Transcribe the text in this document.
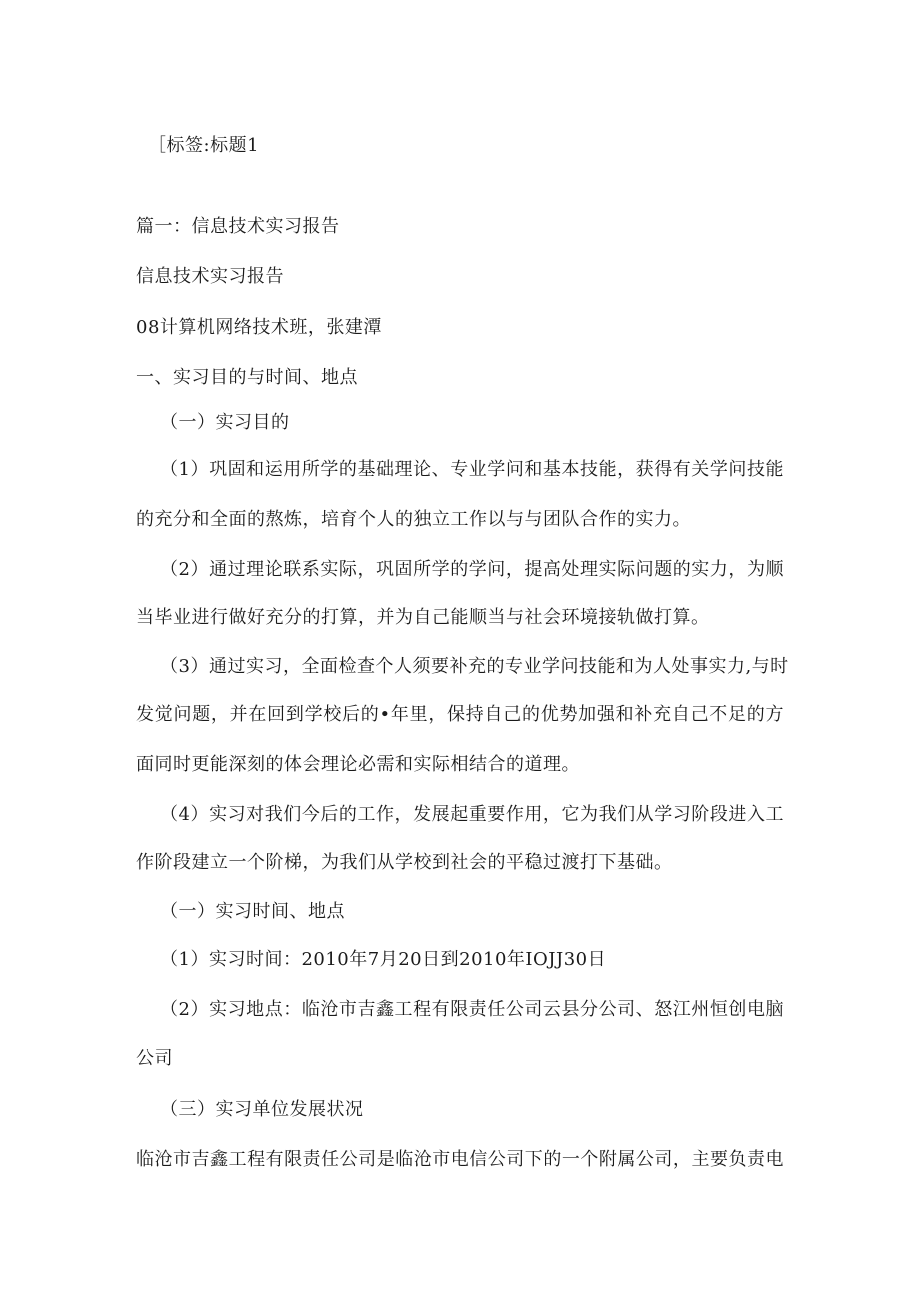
［标签:标题1
篇一：信息技术实习报告
信息技术实习报告
08计算机网络技术班，张建潭
一、实习目的与时间、地点
（一）实习目的
（1）巩固和运用所学的基础理论、专业学问和基本技能，获得有关学问技能
的充分和全面的熬炼，培育个人的独立工作以与与团队合作的实力。
（2）通过理论联系实际，巩固所学的学问，提高处理实际问题的实力，为顺
当毕业进行做好充分的打算，并为自己能顺当与社会环境接轨做打算。
（3）通过实习，全面检查个人须要补充的专业学问技能和为人处事实力,与时
发觉问题，并在回到学校后的•年里，保持自己的优势加强和补充自己不足的方
面同时更能深刻的体会理论必需和实际相结合的道理。
（4）实习对我们今后的工作，发展起重要作用，它为我们从学习阶段进入工
作阶段建立一个阶梯，为我们从学校到社会的平稳过渡打下基础。
（一）实习时间、地点
（1）实习时间：2010年7月20日到2010年IOJJ30日
（2）实习地点：临沧市吉鑫工程有限责任公司云县分公司、怒江州恒创电脑
公司
（三）实习单位发展状况
临沧市吉鑫工程有限责任公司是临沧市电信公司下的一个附属公司，主要负责电
